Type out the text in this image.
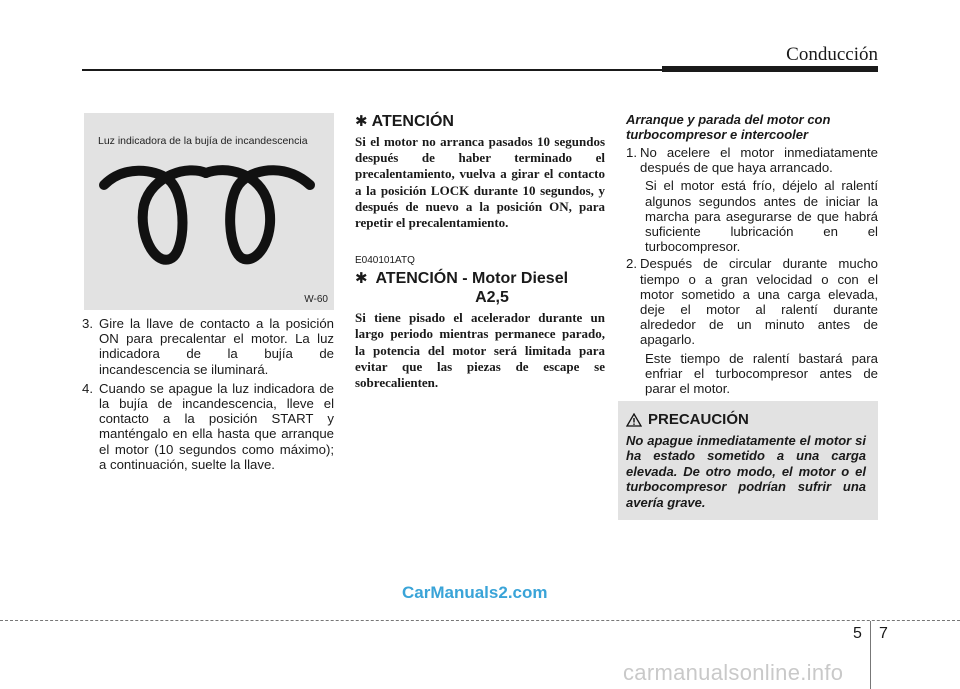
Conducción
Luz indicadora de la bujía de incandescencia
W-60
3. Gire la llave de contacto a la posición ON para precalentar el motor. La luz indicadora de la bujía de incandescencia se iluminará.
4. Cuando se apague la luz indicadora de la bujía de incandescencia, lleve el contacto a la posición START y manténgalo en ella hasta que arranque el motor (10 segundos como máximo); a continuación, suelte la llave.
✱ ATENCIÓN

Si el motor no arranca pasados 10 segundos después de haber terminado el precalentamiento, vuelva a girar el contacto a la posición LOCK durante 10 segundos, y después de nuevo a la posición ON, para repetir el precalentamiento.

E040101ATQ
✱ ATENCIÓN - Motor Diesel
A2,5

Si tiene pisado el acelerador durante un largo periodo mientras permanece parado, la potencia del motor será limitada para evitar que las piezas de escape se sobrecalienten.

Arranque y parada del motor con turbocompresor e intercooler

1. No acelere el motor inmediatamente después de que haya arrancado.
Si el motor está frío, déjelo al ralentí algunos segundos antes de iniciar la marcha para asegurarse de que habrá suficiente lubricación en el turbocompresor.
2. Después de circular durante mucho tiempo o a gran velocidad o con el motor sometido a una carga elevada, deje el motor al ralentí durante alrededor de un minuto antes de apagarlo.
Este tiempo de ralentí bastará para enfriar el turbocompresor antes de parar el motor.
PRECAUCIÓN
No apague inmediatamente el motor si ha estado sometido a una carga elevada. De otro modo, el motor o el turbocompresor podrían sufrir una avería grave.
CarManuals2.com
5 7
carmanualsonline.info
